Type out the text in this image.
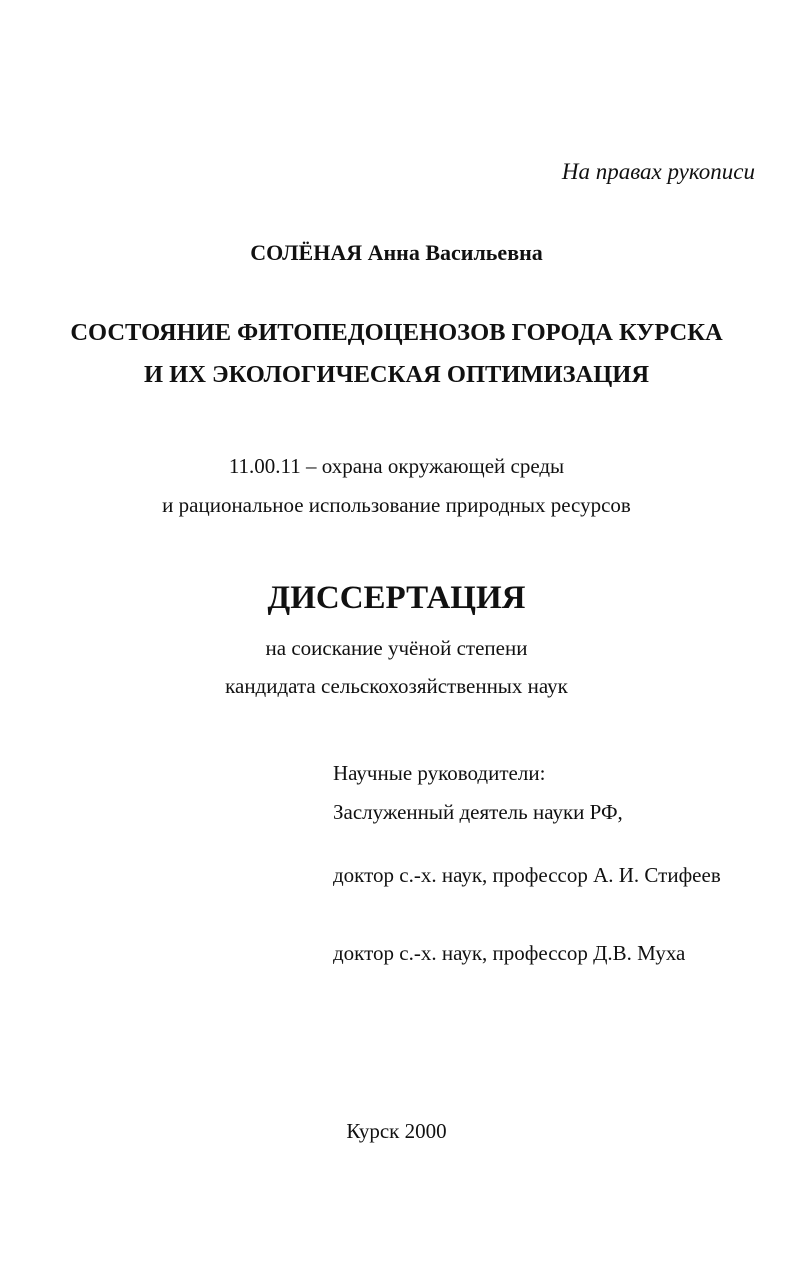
На правах рукописи
СОЛЁНАЯ Анна Васильевна
СОСТОЯНИЕ ФИТОПЕДОЦЕНОЗОВ ГОРОДА КУРСКА
И ИХ ЭКОЛОГИЧЕСКАЯ ОПТИМИЗАЦИЯ
11.00.11 – охрана окружающей среды
и рациональное использование природных ресурсов
ДИССЕРТАЦИЯ
на соискание учёной степени
кандидата сельскохозяйственных наук
Научные руководители:
Заслуженный деятель науки РФ,
доктор с.-х. наук, профессор А. И. Стифеев
доктор с.-х. наук, профессор Д.В. Муха
Курск 2000
